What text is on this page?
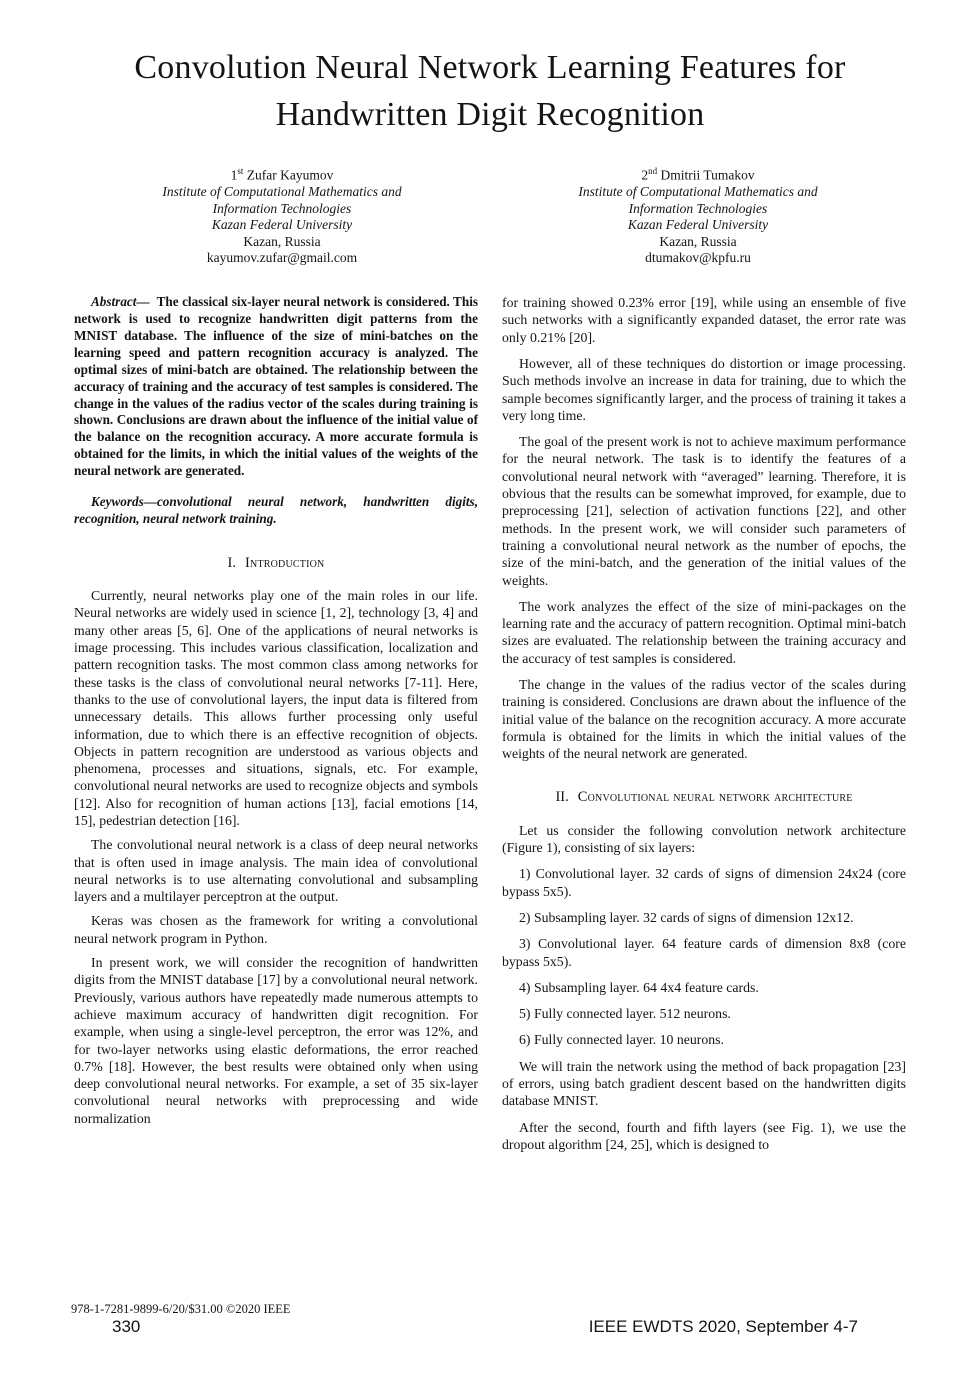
Convolution Neural Network Learning Features for
Handwritten Digit Recognition
1st Zufar Kayumov
Institute of Computational Mathematics and
Information Technologies
Kazan Federal University
Kazan, Russia
kayumov.zufar@gmail.com
2nd Dmitrii Tumakov
Institute of Computational Mathematics and
Information Technologies
Kazan Federal University
Kazan, Russia
dtumakov@kpfu.ru

Abstract— The classical six-layer neural network is considered. This network is used to recognize handwritten digit patterns from the MNIST database. The influence of the size of mini-batches on the learning speed and pattern recognition accuracy is analyzed. The optimal sizes of mini-batch are obtained. The relationship between the accuracy of training and the accuracy of test samples is considered. The change in the values of the radius vector of the scales during training is shown. Conclusions are drawn about the influence of the initial value of the balance on the recognition accuracy. A more accurate formula is obtained for the limits, in which the initial values of the weights of the neural network are generated.

Keywords—convolutional neural network, handwritten digits, recognition, neural network training.

I. Introduction

Currently, neural networks play one of the main roles in our life. Neural networks are widely used in science [1, 2], technology [3, 4] and many other areas [5, 6]. One of the applications of neural networks is image processing. This includes various classification, localization and pattern recognition tasks. The most common class among networks for these tasks is the class of convolutional neural networks [7-11]. Here, thanks to the use of convolutional layers, the input data is filtered from unnecessary details. This allows further processing only useful information, due to which there is an effective recognition of objects. Objects in pattern recognition are understood as various objects and phenomena, processes and situations, signals, etc. For example, convolutional neural networks are used to recognize objects and symbols [12]. Also for recognition of human actions [13], facial emotions [14, 15], pedestrian detection [16].

The convolutional neural network is a class of deep neural networks that is often used in image analysis. The main idea of convolutional neural networks is to use alternating convolutional and subsampling layers and a multilayer perceptron at the output.

Keras was chosen as the framework for writing a convolutional neural network program in Python.

In present work, we will consider the recognition of handwritten digits from the MNIST database [17] by a convolutional neural network. Previously, various authors have repeatedly made numerous attempts to achieve maximum accuracy of handwritten digit recognition. For example, when using a single-level perceptron, the error was 12%, and for two-layer networks using elastic deformations, the error reached 0.7% [18]. However, the best results were obtained only when using deep convolutional neural networks. For example, a set of 35 six-layer convolutional neural networks with preprocessing and wide normalization

for training showed 0.23% error [19], while using an ensemble of five such networks with a significantly expanded dataset, the error rate was only 0.21% [20].

However, all of these techniques do distortion or image processing. Such methods involve an increase in data for training, due to which the sample becomes significantly larger, and the process of training it takes a very long time.

The goal of the present work is not to achieve maximum performance for the neural network. The task is to identify the features of a convolutional neural network with “averaged” learning. Therefore, it is obvious that the results can be somewhat improved, for example, due to preprocessing [21], selection of activation functions [22], and other methods. In the present work, we will consider such parameters of training a convolutional neural network as the number of epochs, the size of the mini-batch, and the generation of the initial values of the weights.

The work analyzes the effect of the size of mini-packages on the learning rate and the accuracy of pattern recognition. Optimal mini-batch sizes are evaluated. The relationship between the training accuracy and the accuracy of test samples is considered.

The change in the values of the radius vector of the scales during training is considered. Conclusions are drawn about the influence of the initial value of the balance on the recognition accuracy. A more accurate formula is obtained for the limits in which the initial values of the weights of the neural network are generated.

II. Convolutional neural network architecture

Let us consider the following convolution network architecture (Figure 1), consisting of six layers:

1) Convolutional layer. 32 cards of signs of dimension 24x24 (core bypass 5x5).

2) Subsampling layer. 32 cards of signs of dimension 12x12.

3) Convolutional layer. 64 feature cards of dimension 8x8 (core bypass 5x5).

4) Subsampling layer. 64 4x4 feature cards.

5) Fully connected layer. 512 neurons.

6) Fully connected layer. 10 neurons.

We will train the network using the method of back propagation [23] of errors, using batch gradient descent based on the handwritten digits database MNIST.

After the second, fourth and fifth layers (see Fig. 1), we use the dropout algorithm [24, 25], which is designed to

978-1-7281-9899-6/20/$31.00 ©2020 IEEE
330	IEEE EWDTS 2020, September 4-7
